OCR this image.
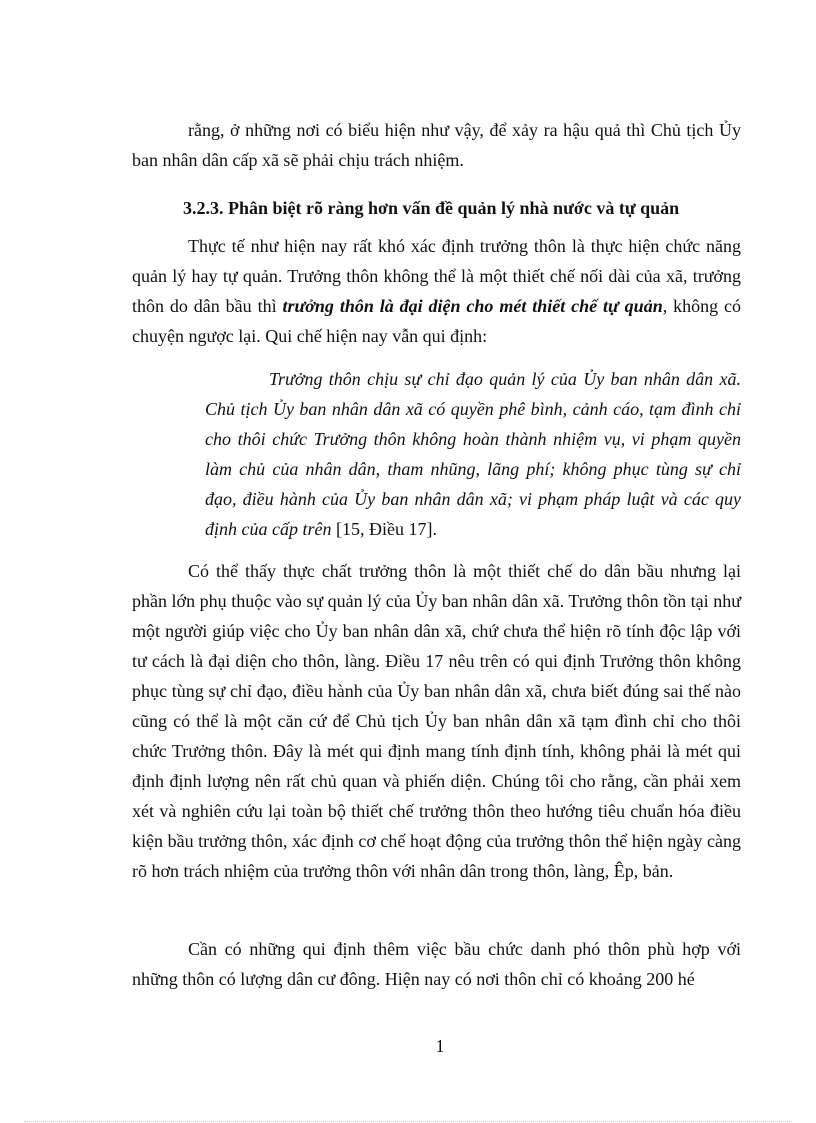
rằng, ở những nơi có biểu hiện như vậy, để xảy ra hậu quả thì Chủ tịch Ủy ban nhân dân cấp xã sẽ phải chịu trách nhiệm.

3.2.3. Phân biệt rõ ràng hơn vấn đề quản lý nhà nước và tự quản

Thực tế như hiện nay rất khó xác định trưởng thôn là thực hiện chức năng quản lý hay tự quản. Trưởng thôn không thể là một thiết chế nối dài của xã, trưởng thôn do dân bầu thì trưởng thôn là đại diện cho mét thiết chế tự quản, không có chuyện ngược lại. Qui chế hiện nay vẫn qui định:

Trưởng thôn chịu sự chỉ đạo quản lý của Ủy ban nhân dân xã. Chủ tịch Ủy ban nhân dân xã có quyền phê bình, cảnh cáo, tạm đình chỉ cho thôi chức Trưởng thôn không hoàn thành nhiệm vụ, vi phạm quyền làm chủ của nhân dân, tham nhũng, lãng phí; không phục tùng sự chỉ đạo, điều hành của Ủy ban nhân dân xã; vi phạm pháp luật và các quy định của cấp trên [15, Điều 17].

Có thể thấy thực chất trưởng thôn là một thiết chế do dân bầu nhưng lại phần lớn phụ thuộc vào sự quản lý của Ủy ban nhân dân xã. Trưởng thôn tồn tại như một người giúp việc cho Ủy ban nhân dân xã, chứ chưa thể hiện rõ tính độc lập với tư cách là đại diện cho thôn, làng. Điều 17 nêu trên có qui định Trưởng thôn không phục tùng sự chỉ đạo, điều hành của Ủy ban nhân dân xã, chưa biết đúng sai thế nào cũng có thể là một căn cứ để Chủ tịch Ủy ban nhân dân xã tạm đình chỉ cho thôi chức Trưởng thôn. Đây là mét qui định mang tính định tính, không phải là mét qui định định lượng nên rất chủ quan và phiến diện. Chúng tôi cho rằng, cần phải xem xét và nghiên cứu lại toàn bộ thiết chế trưởng thôn theo hướng tiêu chuẩn hóa điều kiện bầu trưởng thôn, xác định cơ chế hoạt động của trưởng thôn thể hiện ngày càng rõ hơn trách nhiệm của trưởng thôn với nhân dân trong thôn, làng, Êp, bản.

Cần có những qui định thêm việc bầu chức danh phó thôn phù hợp với những thôn có lượng dân cư đông. Hiện nay có nơi thôn chỉ có khoảng 200 hé

1
